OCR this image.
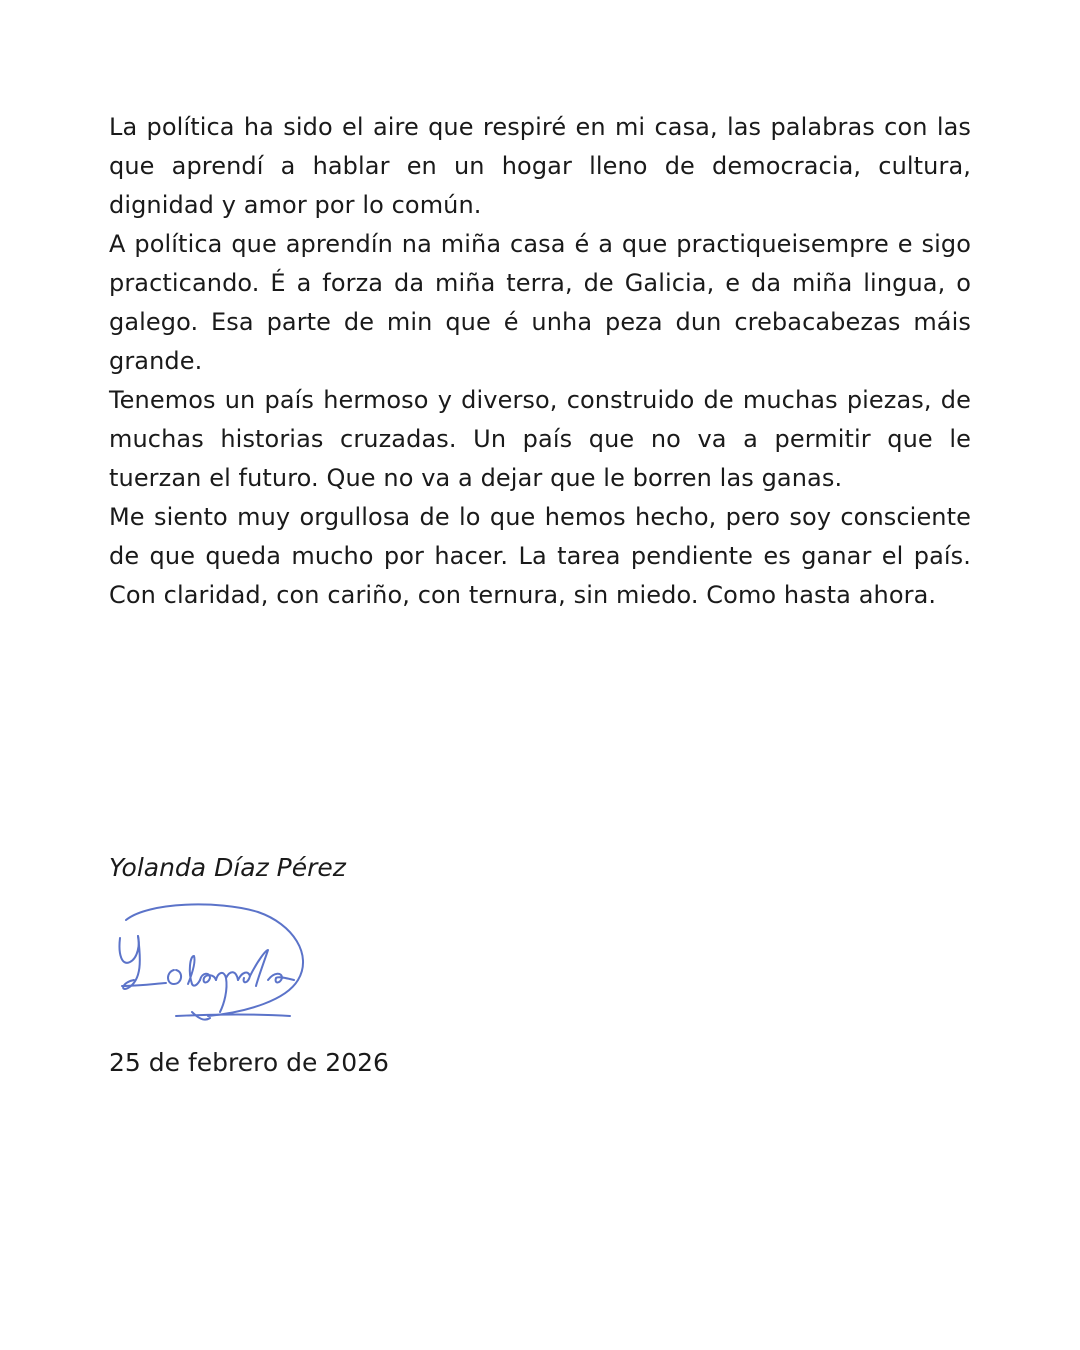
La política ha sido el aire que respiré en mi casa, las palabras con las que aprendí a hablar en un hogar lleno de democracia, cultura, dignidad y amor por lo común.

A política que aprendín na miña casa é a que practiqueisempre e sigo practicando. É a forza da miña terra, de Galicia, e da miña lingua, o galego. Esa parte de min que é unha peza dun crebacabezas máis grande.

Tenemos un país hermoso y diverso, construido de muchas piezas, de muchas historias cruzadas. Un país que no va a permitir que le tuerzan el futuro. Que no va a dejar que le borren las ganas.

Me siento muy orgullosa de lo que hemos hecho, pero soy consciente de que queda mucho por hacer. La tarea pendiente es ganar el país. Con claridad, con cariño, con ternura, sin miedo. Como hasta ahora.

Yolanda Díaz Pérez

25 de febrero de 2026
